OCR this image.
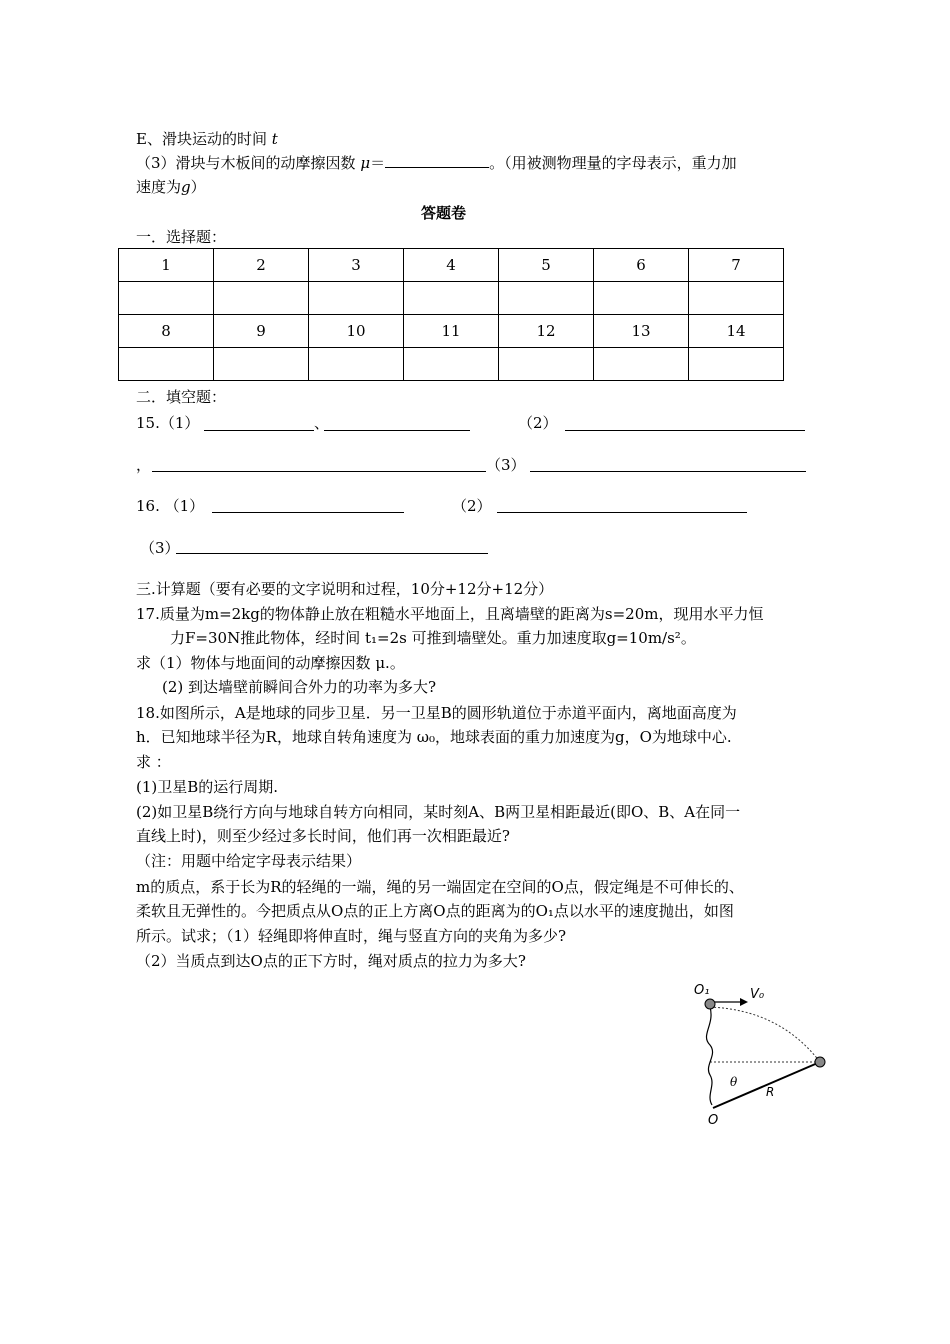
E、滑块运动的时间 t
（3）滑块与木板间的动摩擦因数 μ＝	。（用被测物理量的字母表示，重力加
速度为g）
答题卷
一．选择题：
1	2	3	4	5	6	7

8	9	10	11	12	13	14

二．填空题：
15.（1）	、	（2）
，	（3）
16. （1）	（2）
（3）
三.计算题（要有必要的文字说明和过程，10分+12分+12分）
17.质量为m=2kg的物体静止放在粗糙水平地面上，且离墙壁的距离为s=20m，现用水平力恒
力F=30N推此物体，经时间 t₁=2s 可推到墙壁处。重力加速度取g=10m/s²。
求（1）物体与地面间的动摩擦因数 μ.。
(2) 到达墙壁前瞬间合外力的功率为多大?
18.如图所示，A是地球的同步卫星．另一卫星B的圆形轨道位于赤道平面内，离地面高度为
h．已知地球半径为R，地球自转角速度为 ω₀，地球表面的重力加速度为g，O为地球中心.
求 ：
(1)卫星B的运行周期.
(2)如卫星B绕行方向与地球自转方向相同，某时刻A、B两卫星相距最近(即O、B、A在同一
直线上时)，则至少经过多长时间，他们再一次相距最近?
（注：用题中给定字母表示结果）
m的质点，系于长为R的轻绳的一端，绳的另一端固定在空间的O点，假定绳是不可伸长的、
柔软且无弹性的。今把质点从O点的正上方离O点的距离为的O₁点以水平的速度抛出，如图
所示。试求；（1）轻绳即将伸直时，绳与竖直方向的夹角为多少?
（2）当质点到达O点的正下方时，绳对质点的拉力为多大?
O₁	V₀
θ
R
O
